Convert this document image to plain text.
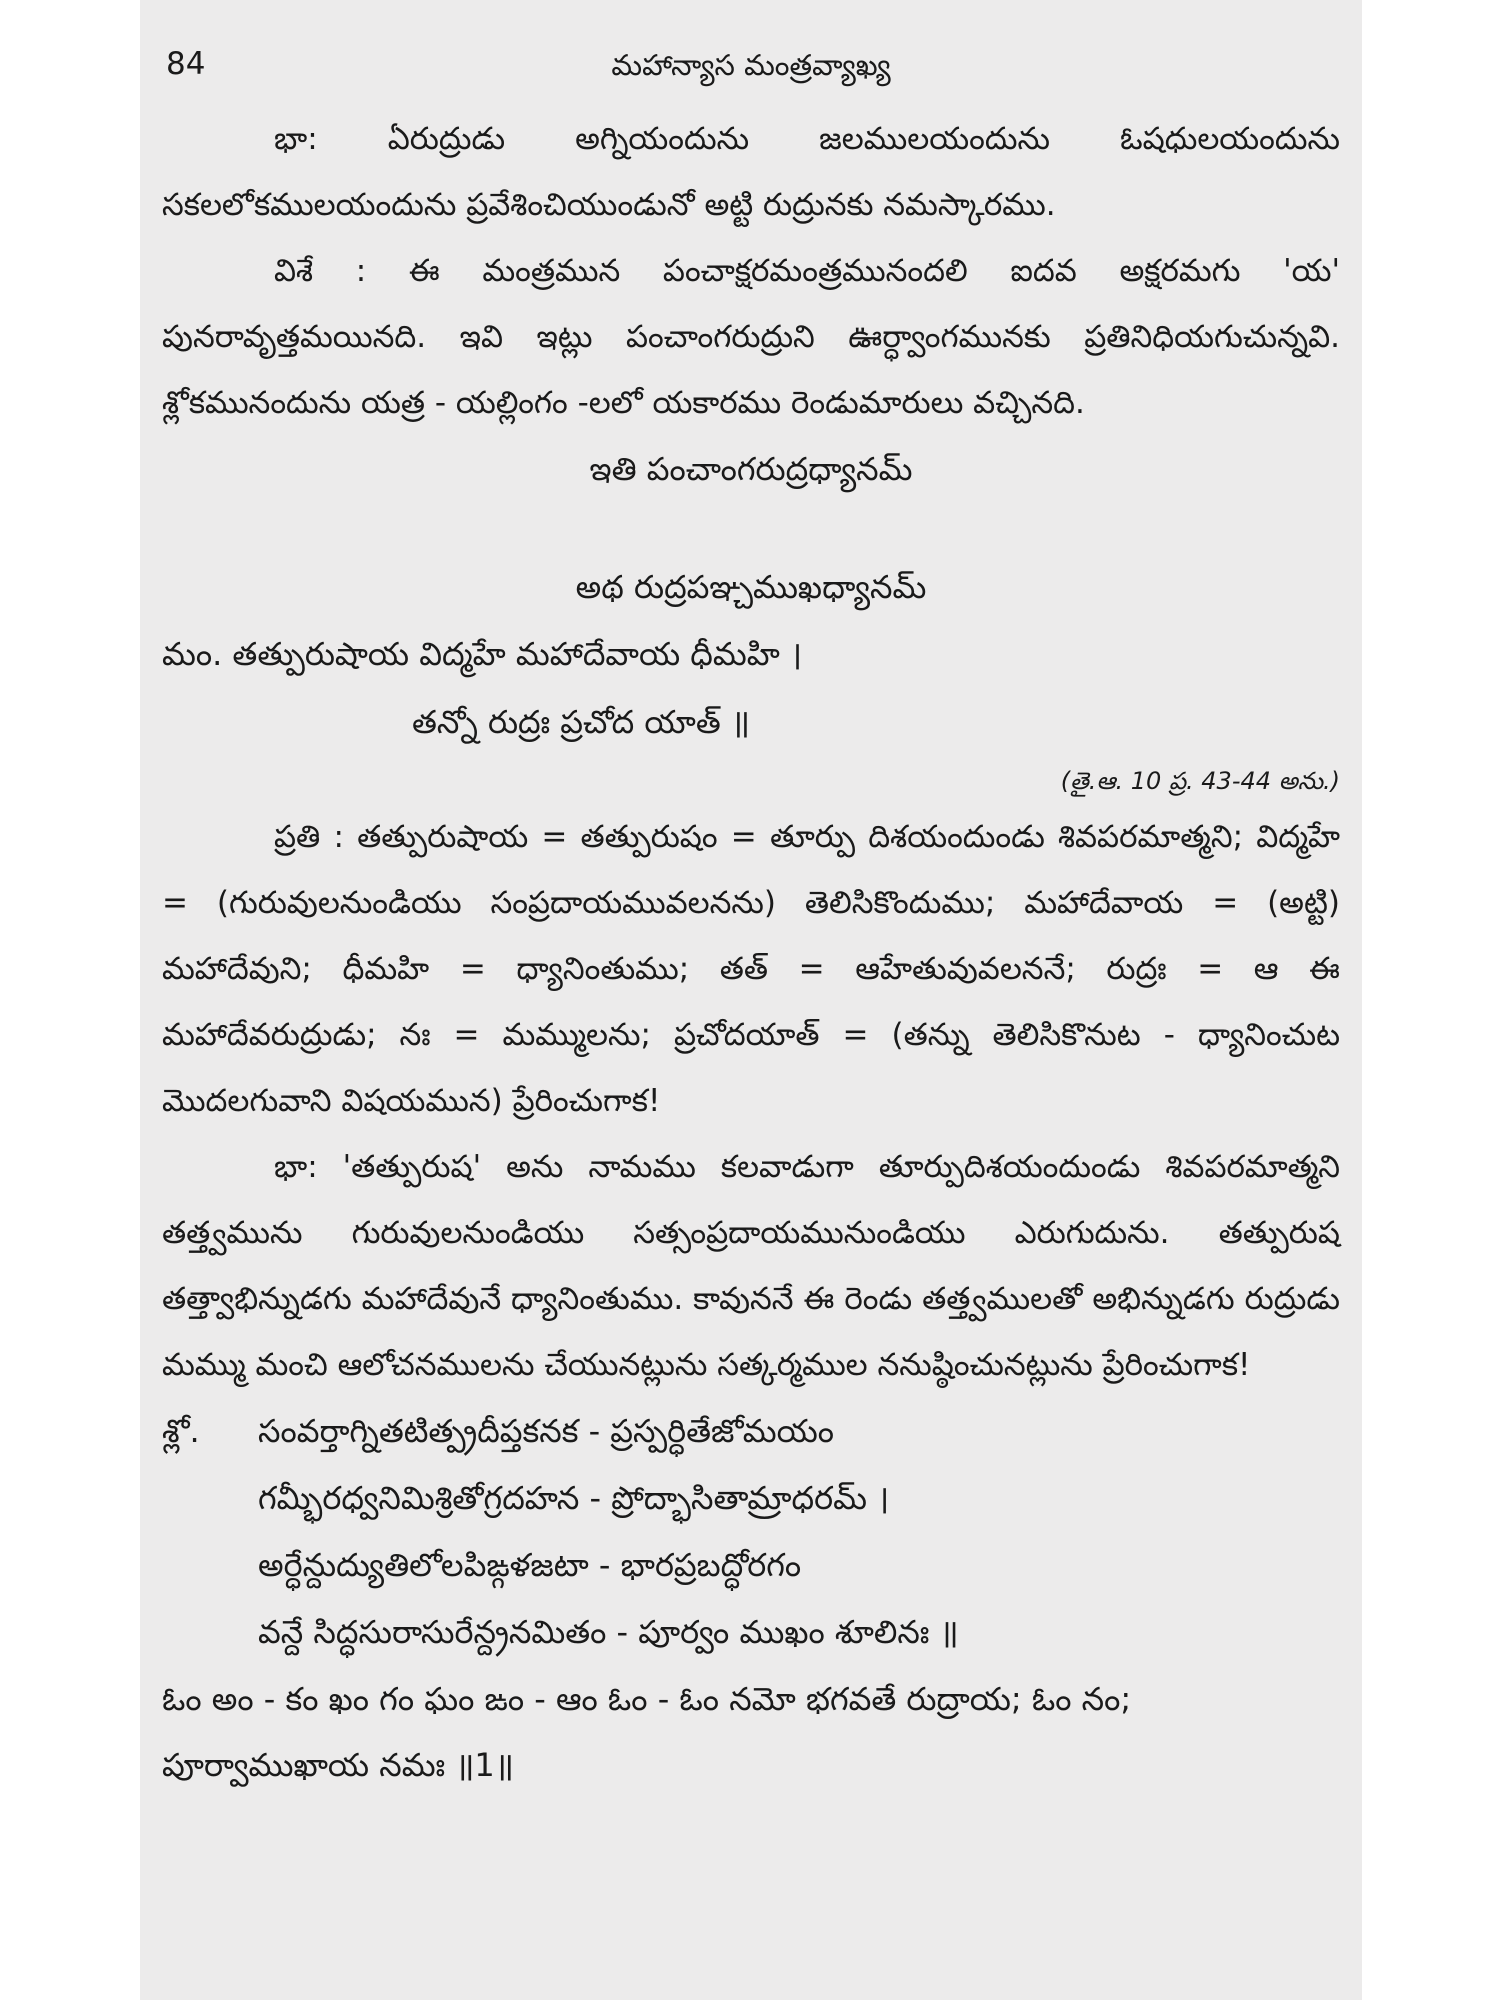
84	మహాన్యాస మంత్రవ్యాఖ్య

భా: ఏరుద్రుడు అగ్నియందును జలములయందును ఓషధులయందును సకలలోకములయందును ప్రవేశించియుండునో అట్టి రుద్రునకు నమస్కారము.

విశే : ఈ మంత్రమున పంచాక్షరమంత్రమునందలి ఐదవ అక్షరమగు 'య' పునరావృత్తమయినది. ఇవి ఇట్లు పంచాంగరుద్రుని ఊర్ధ్వాంగమునకు ప్రతినిధియగుచున్నవి. శ్లోకమునందును యత్ర - యల్లింగం -లలో యకారము రెండుమారులు వచ్చినది.

ఇతి పంచాంగరుద్రధ్యానమ్

అథ రుద్రపఞ్చముఖధ్యానమ్

మం. తత్పురుషాయ విద్మహే మహాదేవాయ ధీమహి ।

తన్నో రుద్రః ప్రచోద యాత్ ॥

(తై.ఆ. 10 ప్ర. 43-44 అను.)

ప్రతి : తత్పురుషాయ = తత్పురుషం = తూర్పు దిశయందుండు శివపరమాత్మని; విద్మహే = (గురువులనుండియు సంప్రదాయమువలనను) తెలిసికొందుము; మహాదేవాయ = (అట్టి) మహాదేవుని; ధీమహి = ధ్యానింతుము; తత్ = ఆహేతువువలననే; రుద్రః = ఆ ఈ మహాదేవరుద్రుడు; నః = మమ్ములను; ప్రచోదయాత్ = (తన్ను తెలిసికొనుట - ధ్యానించుట మొదలగువాని విషయమున) ప్రేరించుగాక!

భా: 'తత్పురుష' అను నామము కలవాడుగా తూర్పుదిశయందుండు శివపరమాత్మని తత్త్వమును గురువులనుండియు సత్సంప్రదాయమునుండియు ఎరుగుదును. తత్పురుష తత్త్వాభిన్నుడగు మహాదేవునే ధ్యానింతుము. కావుననే ఈ రెండు తత్త్వములతో అభిన్నుడగు రుద్రుడు మమ్ము మంచి ఆలోచనములను చేయునట్లును సత్కర్మముల ననుష్ఠించునట్లును ప్రేరించుగాక!

శ్లో.	సంవర్తాగ్నితటిత్ప్రదీప్తకనక - ప్రస్పర్ధితేజోమయం
గమ్భీరధ్వనిమిశ్రితోగ్రదహన - ప్రోద్భాసితామ్రాధరమ్ ।
అర్ధేన్దుద్యుతిలోలపిఙ్గళజటా - భారప్రబద్ధోరగం
వన్దే సిద్ధసురాసురేన్ద్రనమితం - పూర్వం ముఖం శూలినః ॥

ఓం అం - కం ఖం గం ఘం ఙం - ఆం ఓం - ఓం నమో భగవతే రుద్రాయ; ఓం నం; పూర్వాముఖాయ నమః ॥1॥
